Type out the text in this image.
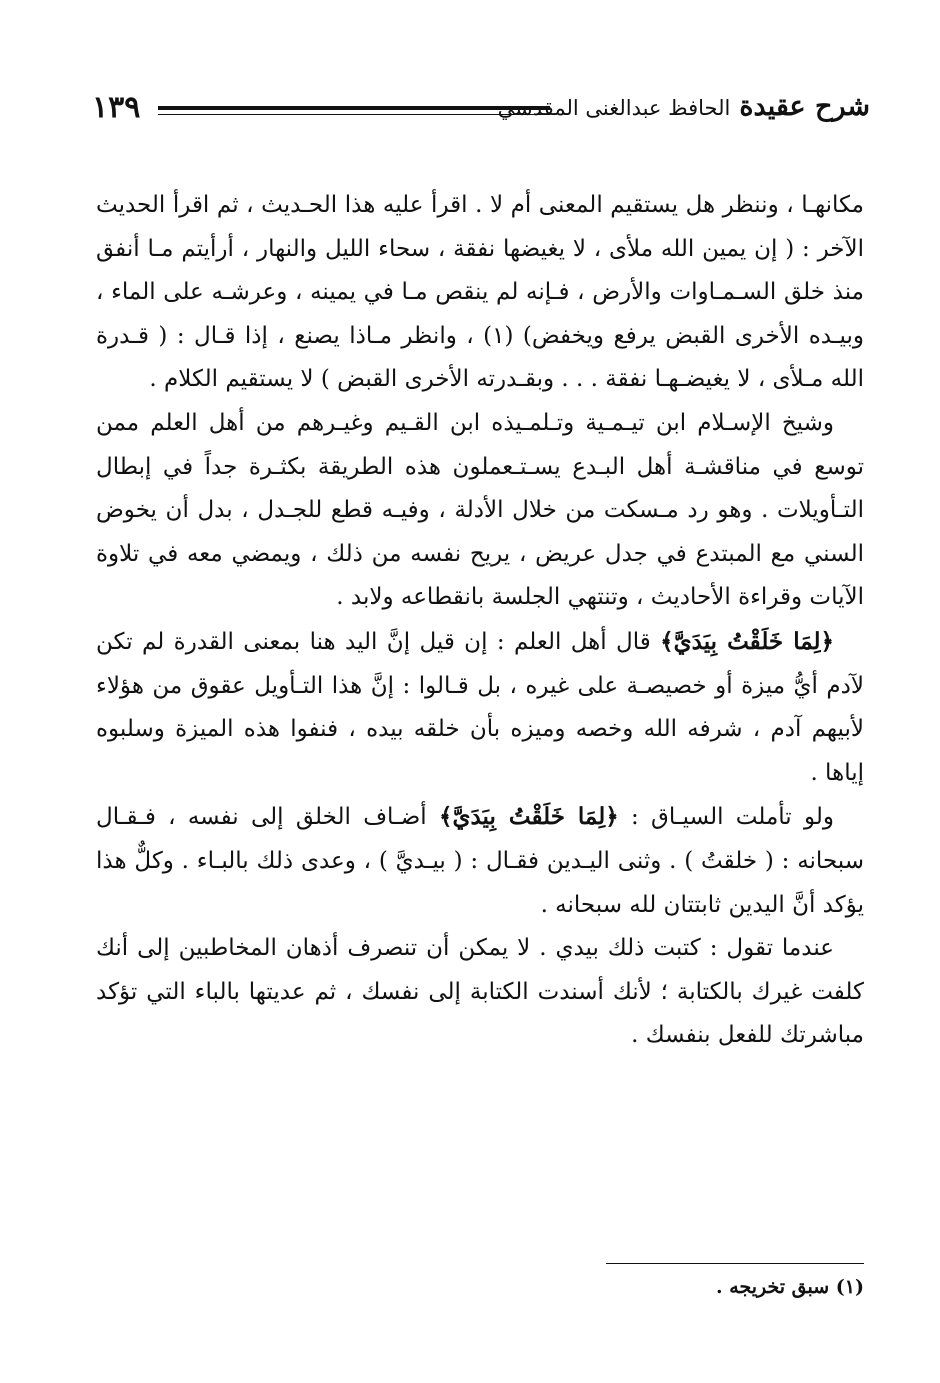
١٣٩	شرح عقيدة الحافظ عبدالغنى المقدسي

مكانهـا ، وننظر هل يستقيم المعنى أم لا . اقرأ عليه هذا الحـديث ، ثم اقرأ الحديث الآخر : ( إن يمين الله ملأى ، لا يغيضها نفقة ، سحاء الليل والنهار ، أرأيتم مـا أنفق منذ خلق السـمـاوات والأرض ، فـإنه لم ينقص مـا في يمينه ، وعرشـه على الماء ، وبيـده الأخرى القبض يرفع ويخفض) (١) ، وانظر مـاذا يصنع ، إذا قـال : ( قـدرة الله مـلأى ، لا يغيضـهـا نفقة . . . وبقـدرته الأخرى القبض ) لا يستقيم الكلام .

وشيخ الإسـلام ابن تيـمـية وتـلمـيذه ابن القـيم وغيـرهم من أهل العلم ممن توسع في مناقشـة أهل البـدع يسـتـعملون هذه الطريقة بكثـرة جداً في إبطال التـأويلات . وهو رد مـسكت من خلال الأدلة ، وفيـه قطع للجـدل ، بدل أن يخوض السني مع المبتدع في جدل عريض ، يريح نفسه من ذلك ، ويمضي معه في تلاوة الآيات وقراءة الأحاديث ، وتنتهي الجلسة بانقطاعه ولابد .

﴿لِمَا خَلَقْتُ بِيَدَيَّ﴾ قال أهل العلم : إن قيل إنَّ اليد هنا بمعنى القدرة لم تكن لآدم أيُّ ميزة أو خصيصـة على غيره ، بل قـالوا : إنَّ هذا التـأويل عقوق من هؤلاء لأبيهم آدم ، شرفه الله وخصه وميزه بأن خلقه بيده ، فنفوا هذه الميزة وسلبوه إياها .

ولو تأملت السيـاق : ﴿لِمَا خَلَقْتُ بِيَدَيَّ﴾ أضـاف الخلق إلى نفسه ، فـقـال سبحانه : ( خلقتُ ) . وثنى اليـدين فقـال : ( بيـديَّ ) ، وعدى ذلك بالبـاء . وكلٌّ هذا يؤكد أنَّ اليدين ثابتتان لله سبحانه .

عندما تقول : كتبت ذلك بيدي . لا يمكن أن تنصرف أذهان المخاطبين إلى أنك كلفت غيرك بالكتابة ؛ لأنك أسندت الكتابة إلى نفسك ، ثم عديتها بالباء التي تؤكد مباشرتك للفعل بنفسك .

(١) سبق تخريجه .
